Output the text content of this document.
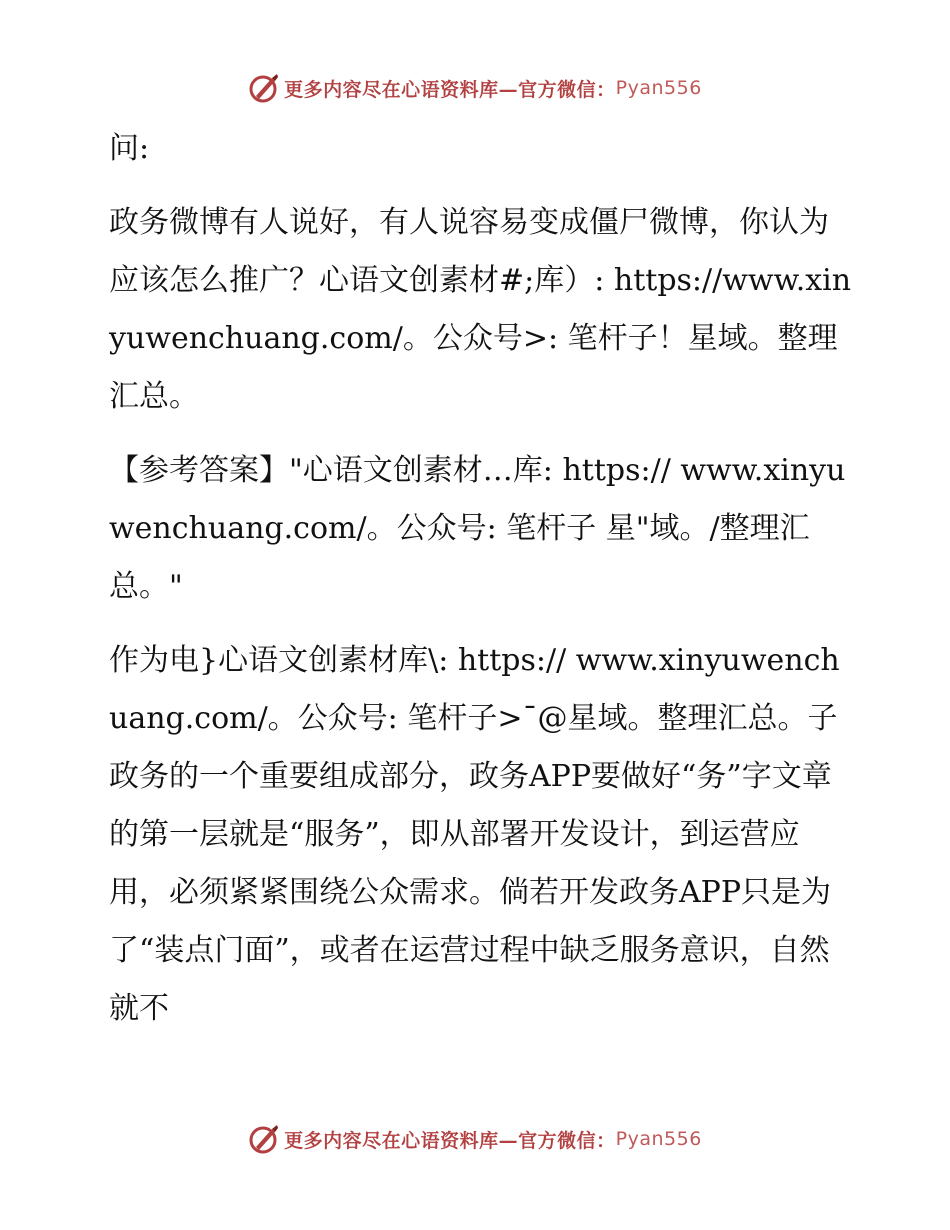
更多内容尽在心语资料库—官方微信： Pyan556

问:

政务微博有人说好，有人说容易变成僵尸微博，你认为应该怎么推广？心语文创素材#;库）: https://www.xinyuwenchuang.com/。公众号>: 笔杆子！星域。整理汇总。

【参考答案】"心语文创素材…库: https:// www.xinyuwenchuang.com/。公众号: 笔杆子 星"域。/整理汇总。"

作为电}心语文创素材库\: https:// www.xinyuwenchuang.com/。公众号: 笔杆子>¯@星域。整理汇总。子政务的一个重要组成部分，政务APP要做好“务”字文章的第一层就是“服务”，即从部署开发设计，到运营应用，必须紧紧围绕公众需求。倘若开发政务APP只是为了“装点门面”，或者在运营过程中缺乏服务意识，自然就不

更多内容尽在心语资料库—官方微信： Pyan556
